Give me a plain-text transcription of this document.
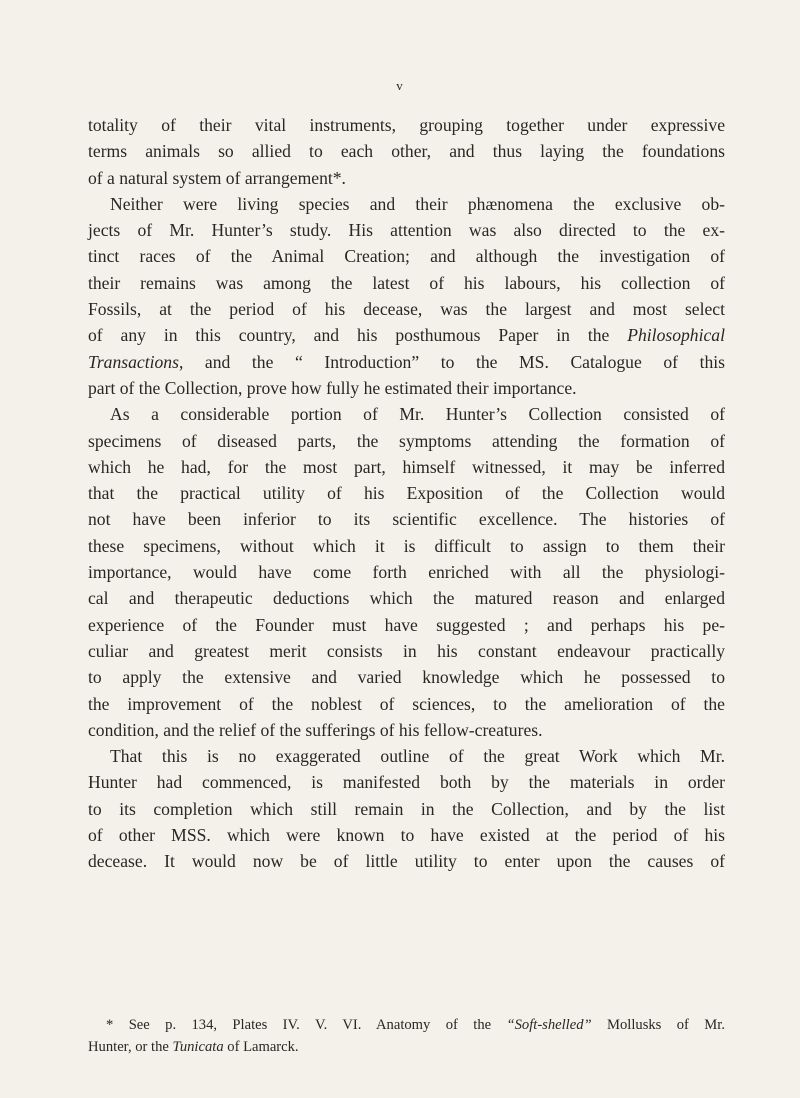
v

totality of their vital instruments, grouping together under expressive
terms animals so allied to each other, and thus laying the foundations
of a natural system of arrangement*.

Neither were living species and their phænomena the exclusive ob-
jects of Mr. Hunter’s study. His attention was also directed to the ex-
tinct races of the Animal Creation; and although the investigation of
their remains was among the latest of his labours, his collection of
Fossils, at the period of his decease, was the largest and most select
of any in this country, and his posthumous Paper in the Philosophical
Transactions, and the “ Introduction” to the MS. Catalogue of this
part of the Collection, prove how fully he estimated their importance.

As a considerable portion of Mr. Hunter’s Collection consisted of
specimens of diseased parts, the symptoms attending the formation of
which he had, for the most part, himself witnessed, it may be inferred
that the practical utility of his Exposition of the Collection would
not have been inferior to its scientific excellence. The histories of
these specimens, without which it is difficult to assign to them their
importance, would have come forth enriched with all the physiologi-
cal and therapeutic deductions which the matured reason and enlarged
experience of the Founder must have suggested ; and perhaps his pe-
culiar and greatest merit consists in his constant endeavour practically
to apply the extensive and varied knowledge which he possessed to
the improvement of the noblest of sciences, to the amelioration of the
condition, and the relief of the sufferings of his fellow-creatures.

That this is no exaggerated outline of the great Work which Mr.
Hunter had commenced, is manifested both by the materials in order
to its completion which still remain in the Collection, and by the list
of other MSS. which were known to have existed at the period of his
decease. It would now be of little utility to enter upon the causes of

* See p. 134, Plates IV. V. VI. Anatomy of the “Soft-shelled” Mollusks of Mr.
Hunter, or the Tunicata of Lamarck.
